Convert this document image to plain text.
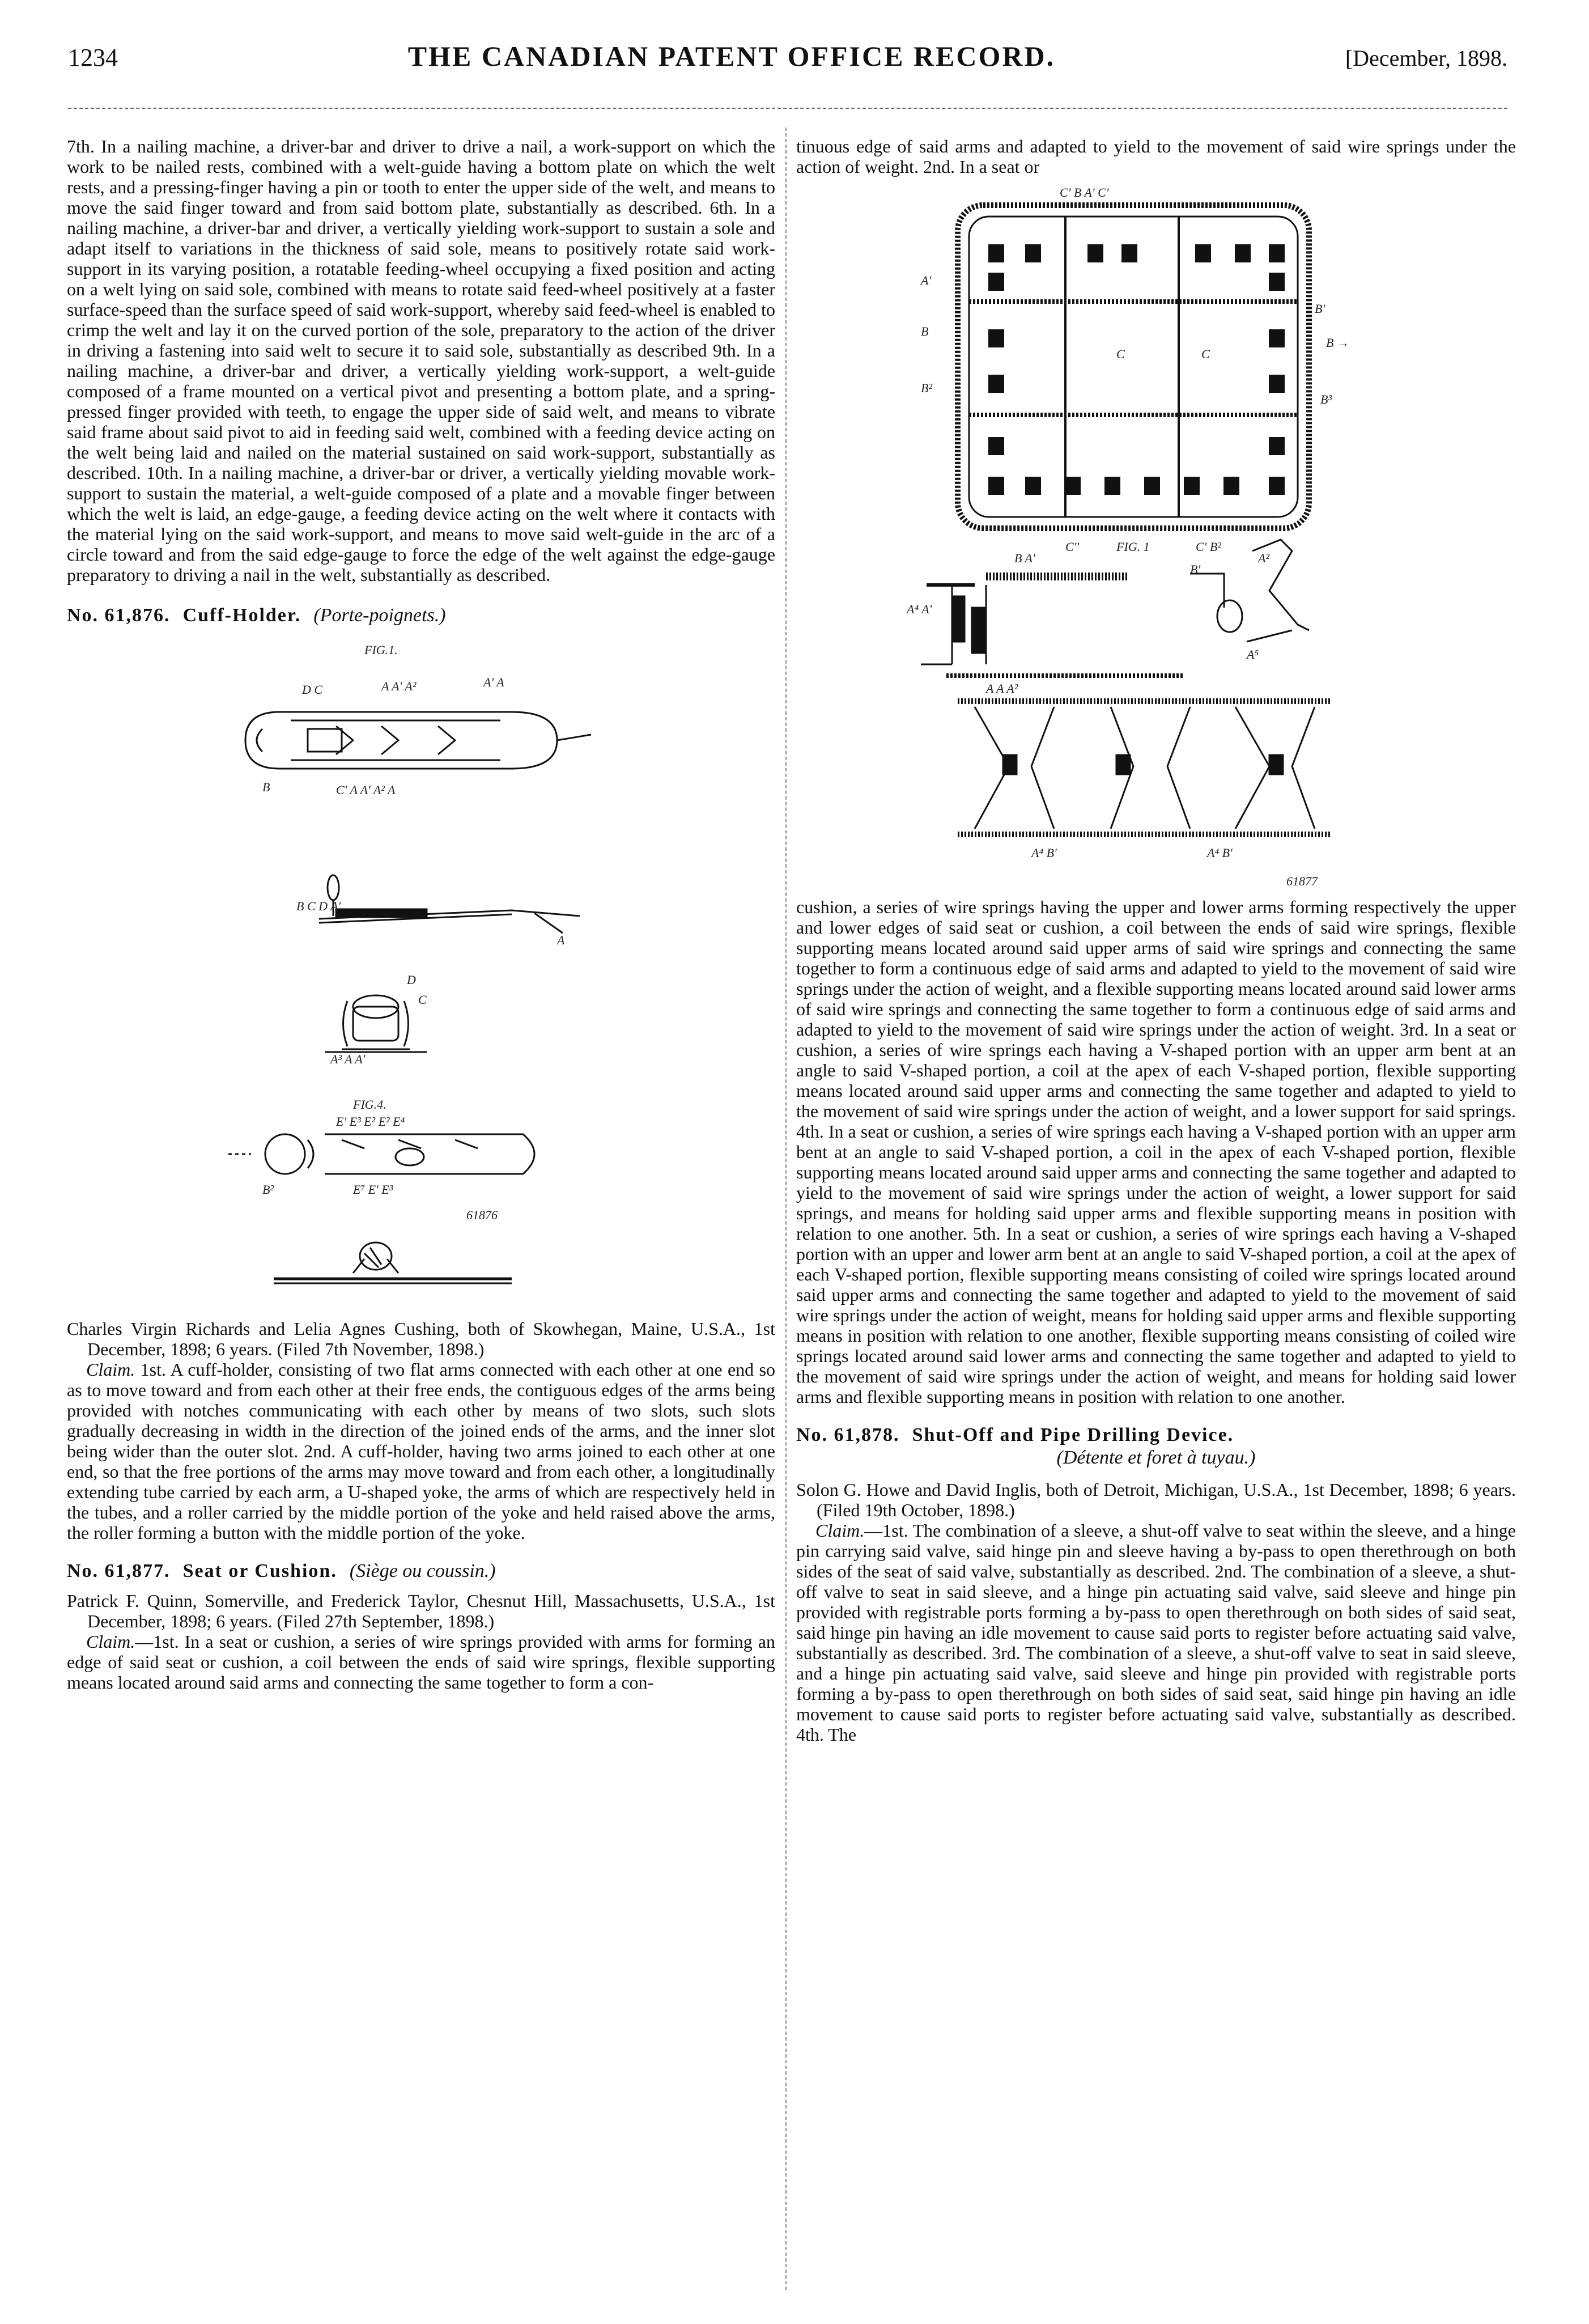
1234	THE CANADIAN PATENT OFFICE RECORD.	[December, 1898.

7th. In a nailing machine, a driver-bar and driver to drive a nail, a work-support on which the work to be nailed rests, combined with a welt-guide having a bottom plate on which the welt rests, and a pressing-finger having a pin or tooth to enter the upper side of the welt, and means to move the said finger toward and from said bottom plate, substantially as described. 6th. In a nailing machine, a driver-bar and driver, a vertically yielding work-support to sustain a sole and adapt itself to variations in the thickness of said sole, means to positively rotate said work-support in its varying position, a rotatable feeding-wheel occupying a fixed position and acting on a welt lying on said sole, combined with means to rotate said feed-wheel positively at a faster surface-speed than the surface speed of said work-support, whereby said feed-wheel is enabled to crimp the welt and lay it on the curved portion of the sole, preparatory to the action of the driver in driving a fastening into said welt to secure it to said sole, substantially as described 9th. In a nailing machine, a driver-bar and driver, a vertically yielding work-support, a welt-guide composed of a frame mounted on a vertical pivot and presenting a bottom plate, and a spring-pressed finger provided with teeth, to engage the upper side of said welt, and means to vibrate said frame about said pivot to aid in feeding said welt, combined with a feeding device acting on the welt being laid and nailed on the material sustained on said work-support, substantially as described. 10th. In a nailing machine, a driver-bar or driver, a vertically yielding movable work-support to sustain the material, a welt-guide composed of a plate and a movable finger between which the welt is laid, an edge-gauge, a feeding device acting on the welt where it contacts with the material lying on the said work-support, and means to move said welt-guide in the arc of a circle toward and from the said edge-gauge to force the edge of the welt against the edge-gauge preparatory to driving a nail in the welt, substantially as described.

No. 61,876. Cuff-Holder. (Porte-poignets.)

FIG.1.
D C	A A' A²	A' A
B	C' A A' A² A
B C D A'
A
D
C
A³ A A'
FIG.4.
E' E³ E² E² E⁴
B²	E⁷ E' E³
61876

Charles Virgin Richards and Lelia Agnes Cushing, both of Skowhegan, Maine, U.S.A., 1st December, 1898; 6 years. (Filed 7th November, 1898.)

Claim. 1st. A cuff-holder, consisting of two flat arms connected with each other at one end so as to move toward and from each other at their free ends, the contiguous edges of the arms being provided with notches communicating with each other by means of two slots, such slots gradually decreasing in width in the direction of the joined ends of the arms, and the inner slot being wider than the outer slot. 2nd. A cuff-holder, having two arms joined to each other at one end, so that the free portions of the arms may move toward and from each other, a longitudinally extending tube carried by each arm, a U-shaped yoke, the arms of which are respectively held in the tubes, and a roller carried by the middle portion of the yoke and held raised above the arms, the roller forming a button with the middle portion of the yoke.

No. 61,877. Seat or Cushion. (Siège ou coussin.)

Patrick F. Quinn, Somerville, and Frederick Taylor, Chesnut Hill, Massachusetts, U.S.A., 1st December, 1898; 6 years. (Filed 27th September, 1898.)

Claim.—1st. In a seat or cushion, a series of wire springs provided with arms for forming an edge of said seat or cushion, a coil between the ends of said wire springs, flexible supporting means located around said arms and connecting the same together to form a con-

tinuous edge of said arms and adapted to yield to the movement of said wire springs under the action of weight. 2nd. In a seat or

C' B A' C'
A'
B
B²
B'
B →
B³
C	C
C''	FIG. 1	C' B²
B A'
B'
A²
A⁴ A'
A⁵
A A A²
A⁴ B'	A⁴ B'
61877

cushion, a series of wire springs having the upper and lower arms forming respectively the upper and lower edges of said seat or cushion, a coil between the ends of said wire springs, flexible supporting means located around said upper arms of said wire springs and connecting the same together to form a continuous edge of said arms and adapted to yield to the movement of said wire springs under the action of weight, and a flexible supporting means located around said lower arms of said wire springs and connecting the same together to form a continuous edge of said arms and adapted to yield to the movement of said wire springs under the action of weight. 3rd. In a seat or cushion, a series of wire springs each having a V-shaped portion with an upper arm bent at an angle to said V-shaped portion, a coil at the apex of each V-shaped portion, flexible supporting means located around said upper arms and connecting the same together and adapted to yield to the movement of said wire springs under the action of weight, and a lower support for said springs. 4th. In a seat or cushion, a series of wire springs each having a V-shaped portion with an upper arm bent at an angle to said V-shaped portion, a coil in the apex of each V-shaped portion, flexible supporting means located around said upper arms and connecting the same together and adapted to yield to the movement of said wire springs under the action of weight, a lower support for said springs, and means for holding said upper arms and flexible supporting means in position with relation to one another. 5th. In a seat or cushion, a series of wire springs each having a V-shaped portion with an upper and lower arm bent at an angle to said V-shaped portion, a coil at the apex of each V-shaped portion, flexible supporting means consisting of coiled wire springs located around said upper arms and connecting the same together and adapted to yield to the movement of said wire springs under the action of weight, means for holding said upper arms and flexible supporting means in position with relation to one another, flexible supporting means consisting of coiled wire springs located around said lower arms and connecting the same together and adapted to yield to the movement of said wire springs under the action of weight, and means for holding said lower arms and flexible supporting means in position with relation to one another.

No. 61,878. Shut-Off and Pipe Drilling Device.

(Détente et foret à tuyau.)

Solon G. Howe and David Inglis, both of Detroit, Michigan, U.S.A., 1st December, 1898; 6 years. (Filed 19th October, 1898.)

Claim.—1st. The combination of a sleeve, a shut-off valve to seat within the sleeve, and a hinge pin carrying said valve, said hinge pin and sleeve having a by-pass to open therethrough on both sides of the seat of said valve, substantially as described. 2nd. The combination of a sleeve, a shut-off valve to seat in said sleeve, and a hinge pin actuating said valve, said sleeve and hinge pin provided with registrable ports forming a by-pass to open therethrough on both sides of said seat, said hinge pin having an idle movement to cause said ports to register before actuating said valve, substantially as described. 3rd. The combination of a sleeve, a shut-off valve to seat in said sleeve, and a hinge pin actuating said valve, said sleeve and hinge pin provided with registrable ports forming a by-pass to open therethrough on both sides of said seat, said hinge pin having an idle movement to cause said ports to register before actuating said valve, substantially as described. 4th. The
